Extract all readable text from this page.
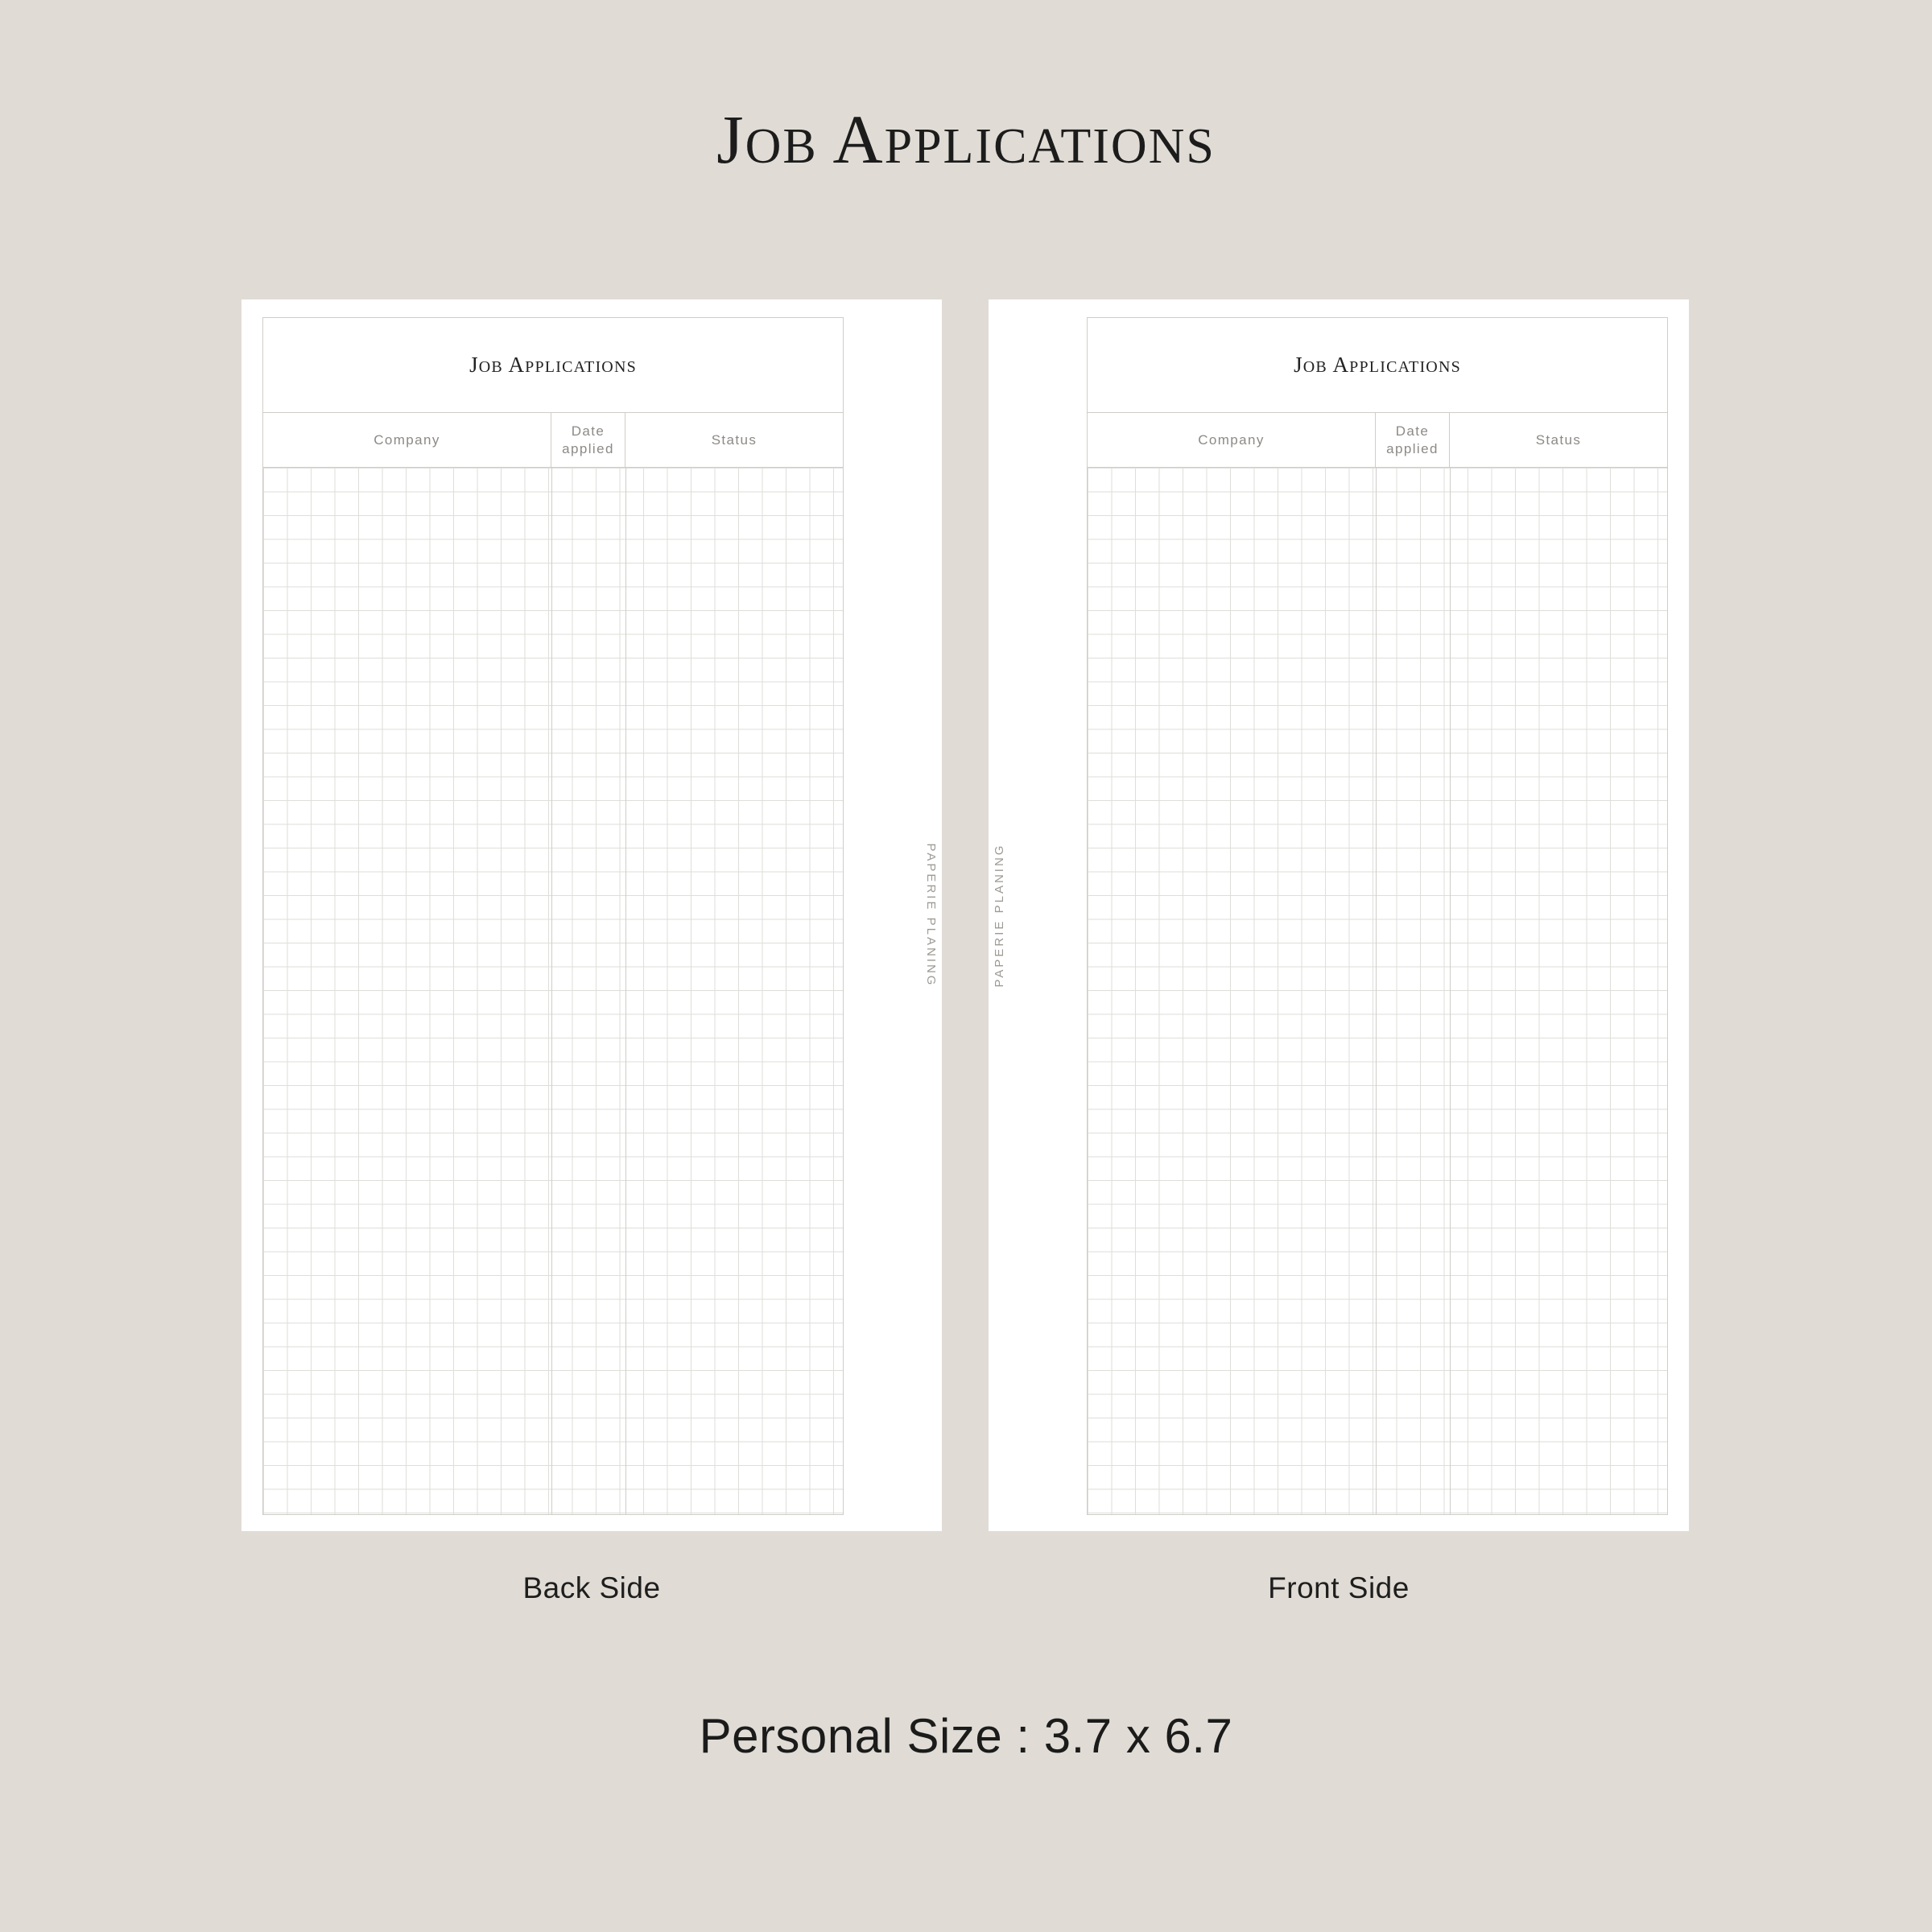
JOB APPLICATIONS
JOB APPLICATIONS
Company
Date
applied
Status
PAPERIE PLANING
Back Side
JOB APPLICATIONS
Company
Date
applied
Status
PAPERIE PLANING
Front Side
Personal Size : 3.7 x 6.7
